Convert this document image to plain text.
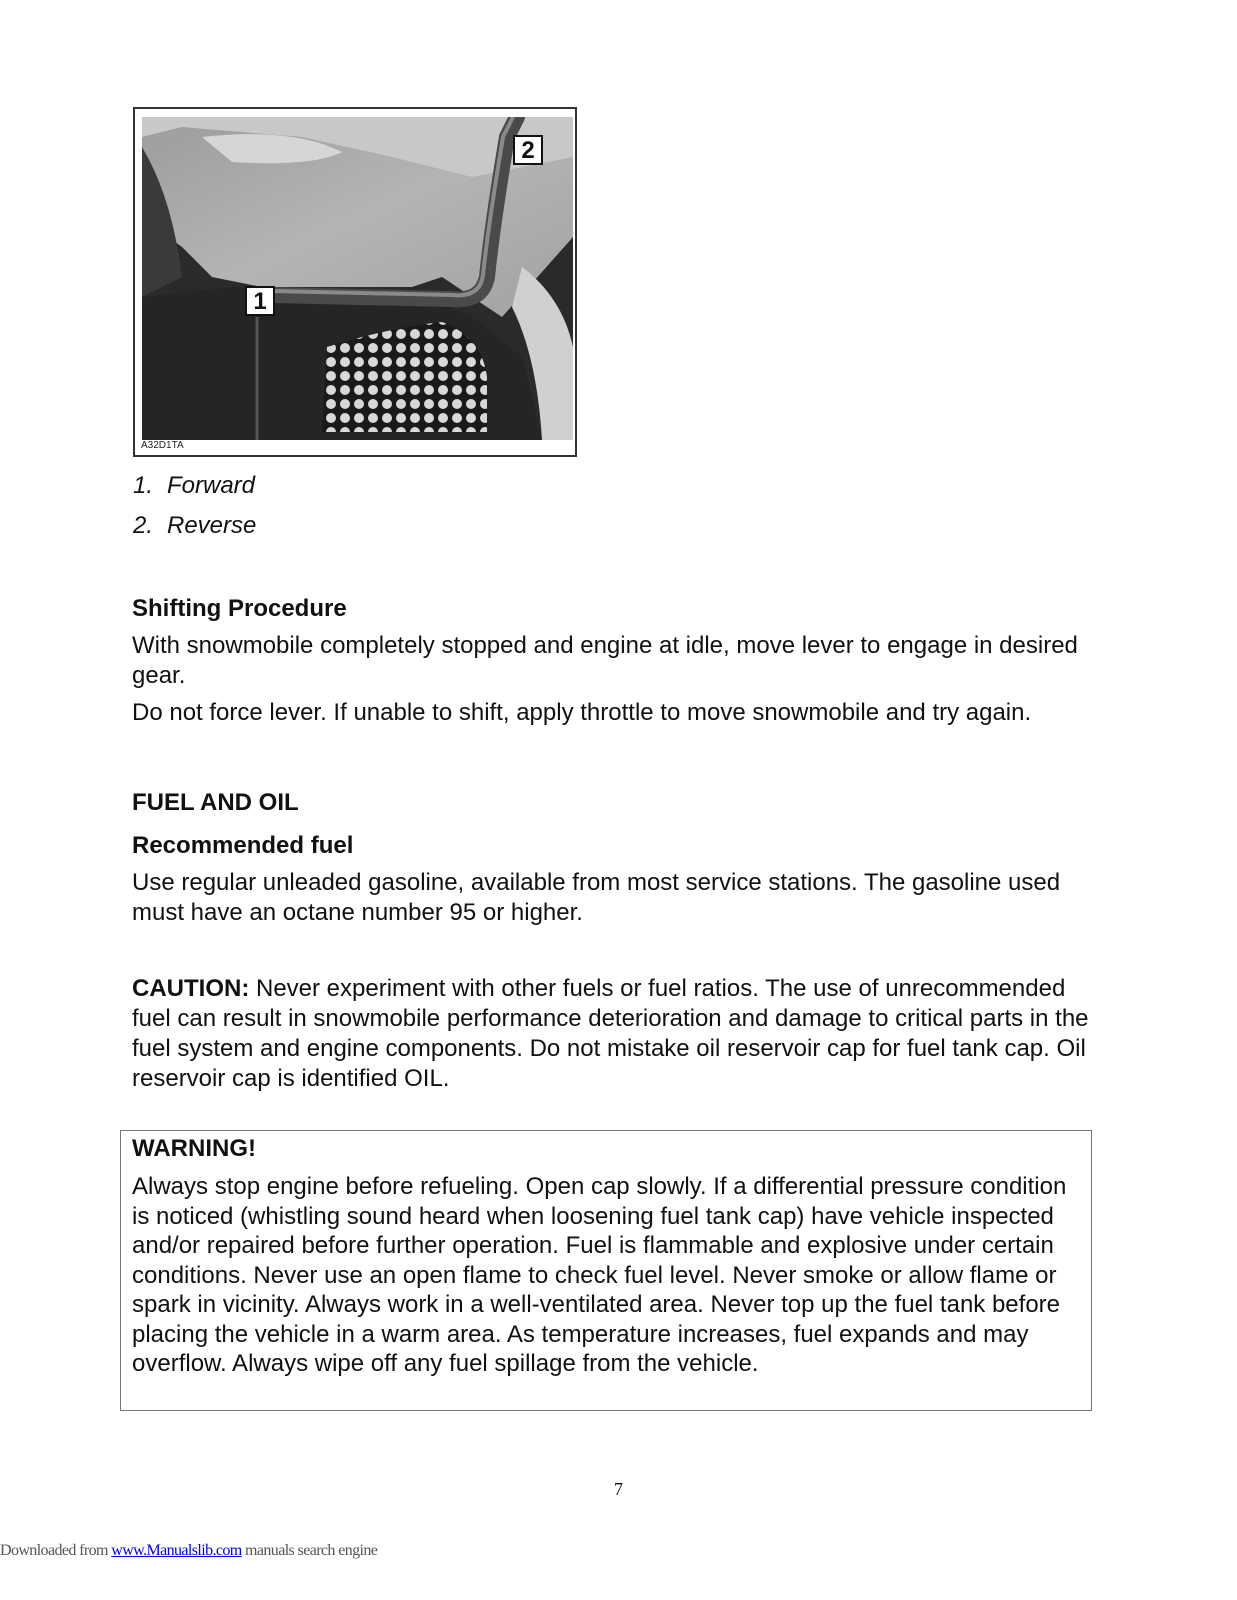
2
1
A32D1TA
1. Forward
2. Reverse
Shifting Procedure
With snowmobile completely stopped and engine at idle, move lever to engage in desired gear.
Do not force lever. If unable to shift, apply throttle to move snowmobile and try again.
FUEL AND OIL
Recommended fuel
Use regular unleaded gasoline, available from most service stations. The gasoline used must have an octane number 95 or higher.
CAUTION: Never experiment with other fuels or fuel ratios. The use of unrecommended fuel can result in snowmobile performance deterioration and damage to critical parts in the fuel system and engine components. Do not mistake oil reservoir cap for fuel tank cap. Oil reservoir cap is identified OIL.
WARNING!
Always stop engine before refueling. Open cap slowly. If a differential pressure condition is noticed (whistling sound heard when loosening fuel tank cap) have vehicle inspected and/or repaired before further operation. Fuel is flammable and explosive under certain conditions. Never use an open flame to check fuel level. Never smoke or allow flame or spark in vicinity. Always work in a well-ventilated area. Never top up the fuel tank before placing the vehicle in a warm area. As temperature increases, fuel expands and may overflow. Always wipe off any fuel spillage from the vehicle.
7
Downloaded from www.Manualslib.com manuals search engine
